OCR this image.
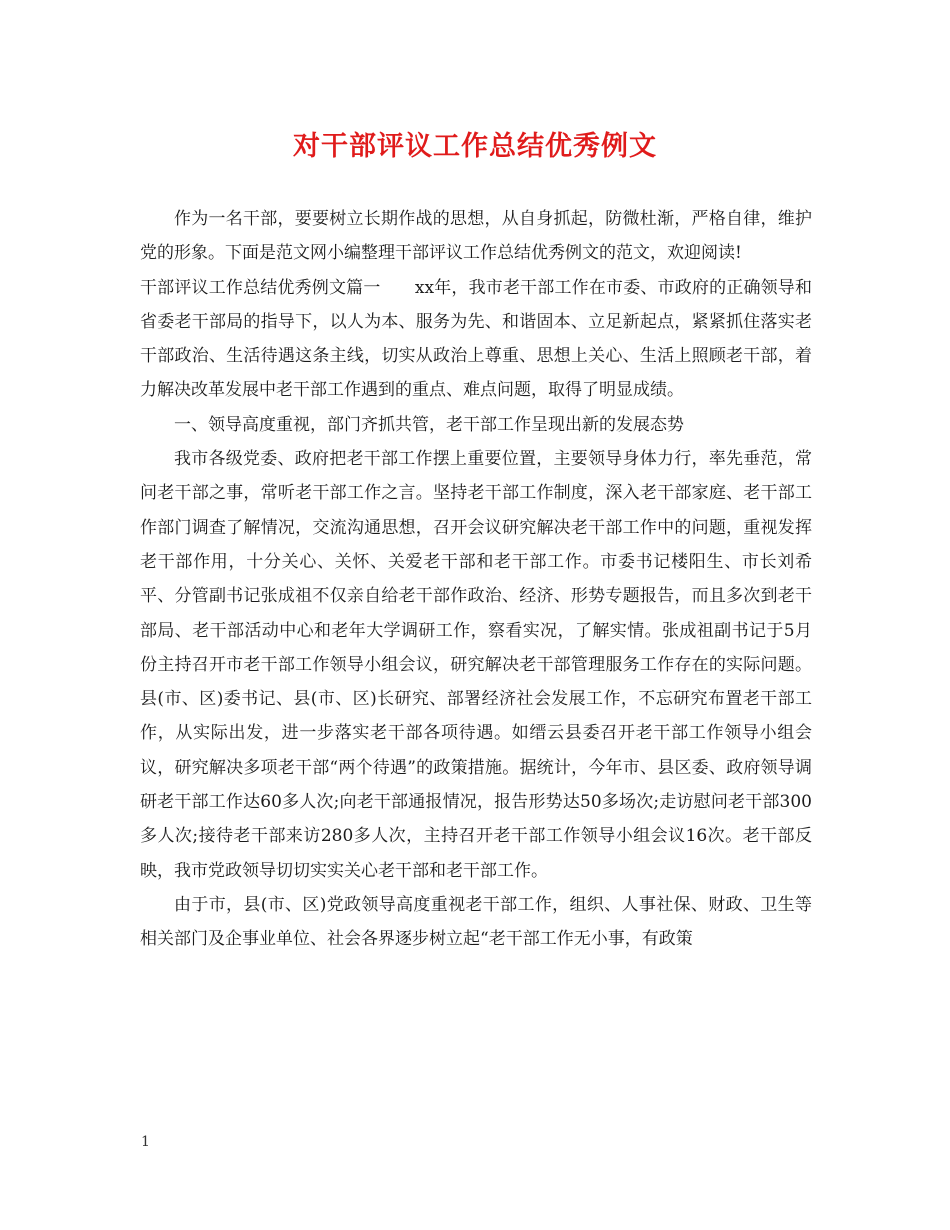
对干部评议工作总结优秀例文

作为一名干部，要要树立长期作战的思想，从自身抓起，防微杜渐，严格自律，维护党的形象。下面是范文网小编整理干部评议工作总结优秀例文的范文，欢迎阅读!

干部评议工作总结优秀例文篇一　　xx年，我市老干部工作在市委、市政府的正确领导和省委老干部局的指导下，以人为本、服务为先、和谐固本、立足新起点，紧紧抓住落实老干部政治、生活待遇这条主线，切实从政治上尊重、思想上关心、生活上照顾老干部，着力解决改革发展中老干部工作遇到的重点、难点问题，取得了明显成绩。

一、领导高度重视，部门齐抓共管，老干部工作呈现出新的发展态势

我市各级党委、政府把老干部工作摆上重要位置，主要领导身体力行，率先垂范，常问老干部之事，常听老干部工作之言。坚持老干部工作制度，深入老干部家庭、老干部工作部门调查了解情况，交流沟通思想，召开会议研究解决老干部工作中的问题，重视发挥老干部作用，十分关心、关怀、关爱老干部和老干部工作。市委书记楼阳生、市长刘希平、分管副书记张成祖不仅亲自给老干部作政治、经济、形势专题报告，而且多次到老干部局、老干部活动中心和老年大学调研工作，察看实况，了解实情。张成祖副书记于5月份主持召开市老干部工作领导小组会议，研究解决老干部管理服务工作存在的实际问题。县(市、区)委书记、县(市、区)长研究、部署经济社会发展工作，不忘研究布置老干部工作，从实际出发，进一步落实老干部各项待遇。如缙云县委召开老干部工作领导小组会议，研究解决多项老干部“两个待遇”的政策措施。据统计，今年市、县区委、政府领导调研老干部工作达60多人次;向老干部通报情况，报告形势达50多场次;走访慰问老干部300多人次;接待老干部来访280多人次，主持召开老干部工作领导小组会议16次。老干部反映，我市党政领导切切实实关心老干部和老干部工作。

由于市，县(市、区)党政领导高度重视老干部工作，组织、人事社保、财政、卫生等相关部门及企事业单位、社会各界逐步树立起“老干部工作无小事，有政策

1
